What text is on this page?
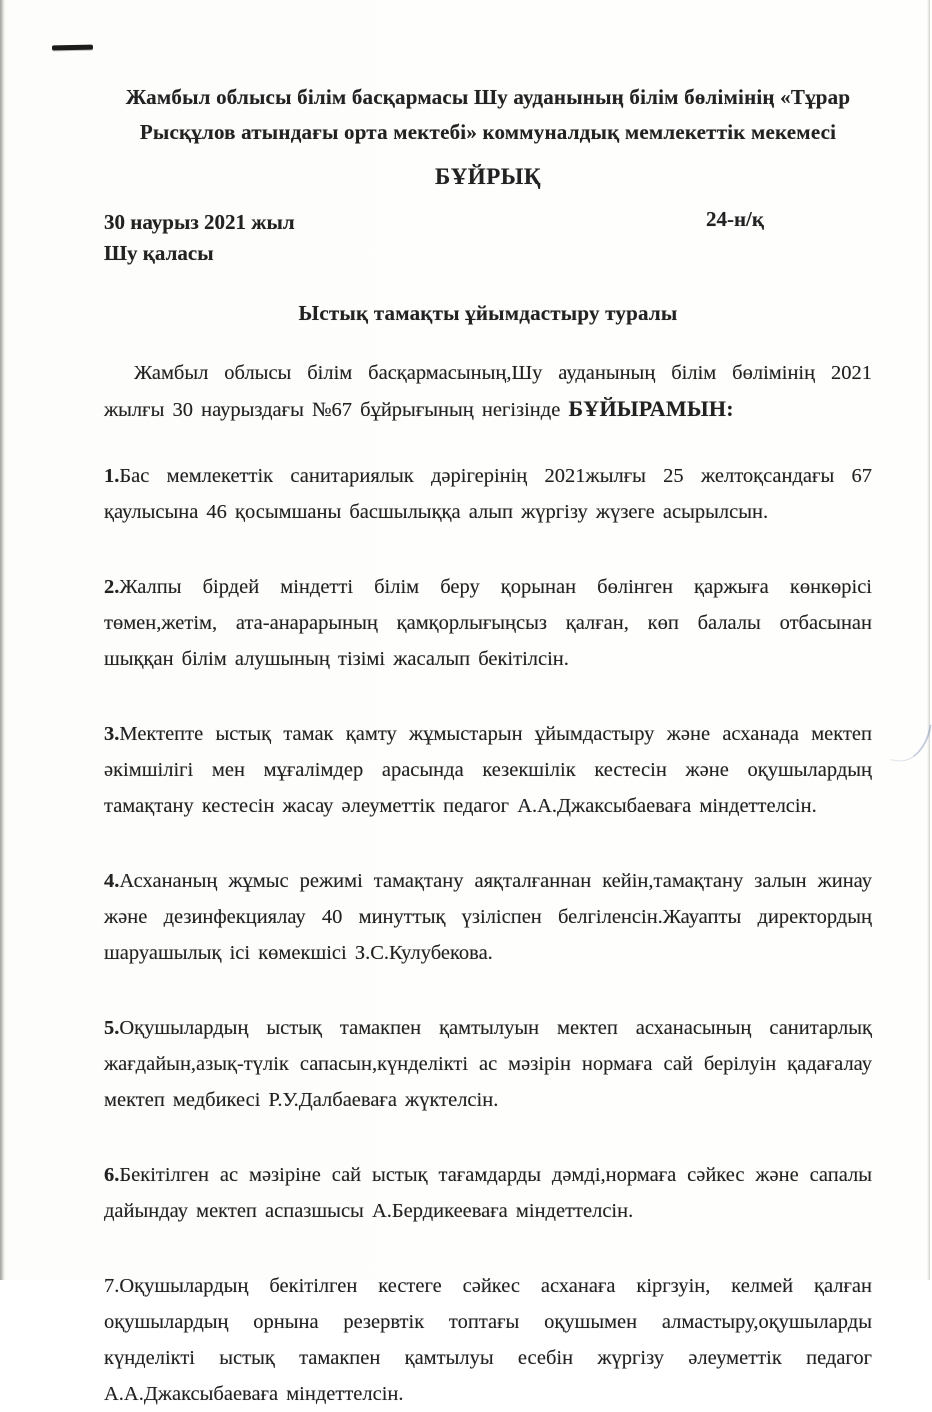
Жамбыл облысы білім басқармасы Шу ауданының білім бөлімінің «Тұрар Рысқұлов атындағы орта мектебі» коммуналдық мемлекеттік мекемесі
БҰЙРЫҚ
30 наурыз 2021 жыл	24-н/қ
Шу қаласы
Ыстық тамақты ұйымдастыру туралы

Жамбыл облысы білім басқармасының,Шу ауданының білім бөлімінің 2021 жылғы 30 наурыздағы №67 бұйрығының негізінде БҰЙЫРАМЫН:

1.Бас мемлекеттік санитариялык дәрігерінің 2021жылғы 25 желтоқсандағы 67 қаулысына 46 қосымшаны басшылыққа алып жүргізу жүзеге асырылсын.

2.Жалпы бірдей міндетті білім беру қорынан бөлінген қаржыға көнкөрісі төмен,жетім, ата-анарарының қамқорлығыңсыз қалған, көп балалы отбасынан шыққан білім алушының тізімі жасалып бекітілсін.

3.Мектепте ыстық тамак қамту жұмыстарын ұйымдастыру және асханада мектеп әкімшілігі мен мұғалімдер арасында кезекшілік кестесін және оқушылардың тамақтану кестесін жасау әлеуметтік педагог А.А.Джаксыбаеваға міндеттелсін.

4.Асхананың жұмыс режимі тамақтану аяқталғаннан кейін,тамақтану залын жинау және дезинфекциялау 40 минуттық үзіліспен белгіленсін.Жауапты директордың шаруашылық ісі көмекшісі З.С.Кулубекова.

5.Оқушылардың ыстық тамакпен қамтылуын мектеп асханасының санитарлық жағдайын,азық-түлік сапасын,күнделікті ас мәзірін нормаға сай берілуін қадағалау мектеп медбикесі Р.У.Далбаеваға жүктелсін.

6.Бекітілген ас мәзіріне сай ыстық тағамдарды дәмді,нормаға сәйкес және сапалы дайындау мектеп аспазшысы А.Бердикееваға міндеттелсін.

7.Оқушылардың бекітілген кестеге сәйкес асханаға кіргзуін, келмей қалған оқушылардың орнына резервтік топтағы оқушымен алмастыру,оқушыларды күнделікті ыстық тамакпен қамтылуы есебін жүргізу әлеуметтік педагог А.А.Джаксыбаеваға міндеттелсін.
